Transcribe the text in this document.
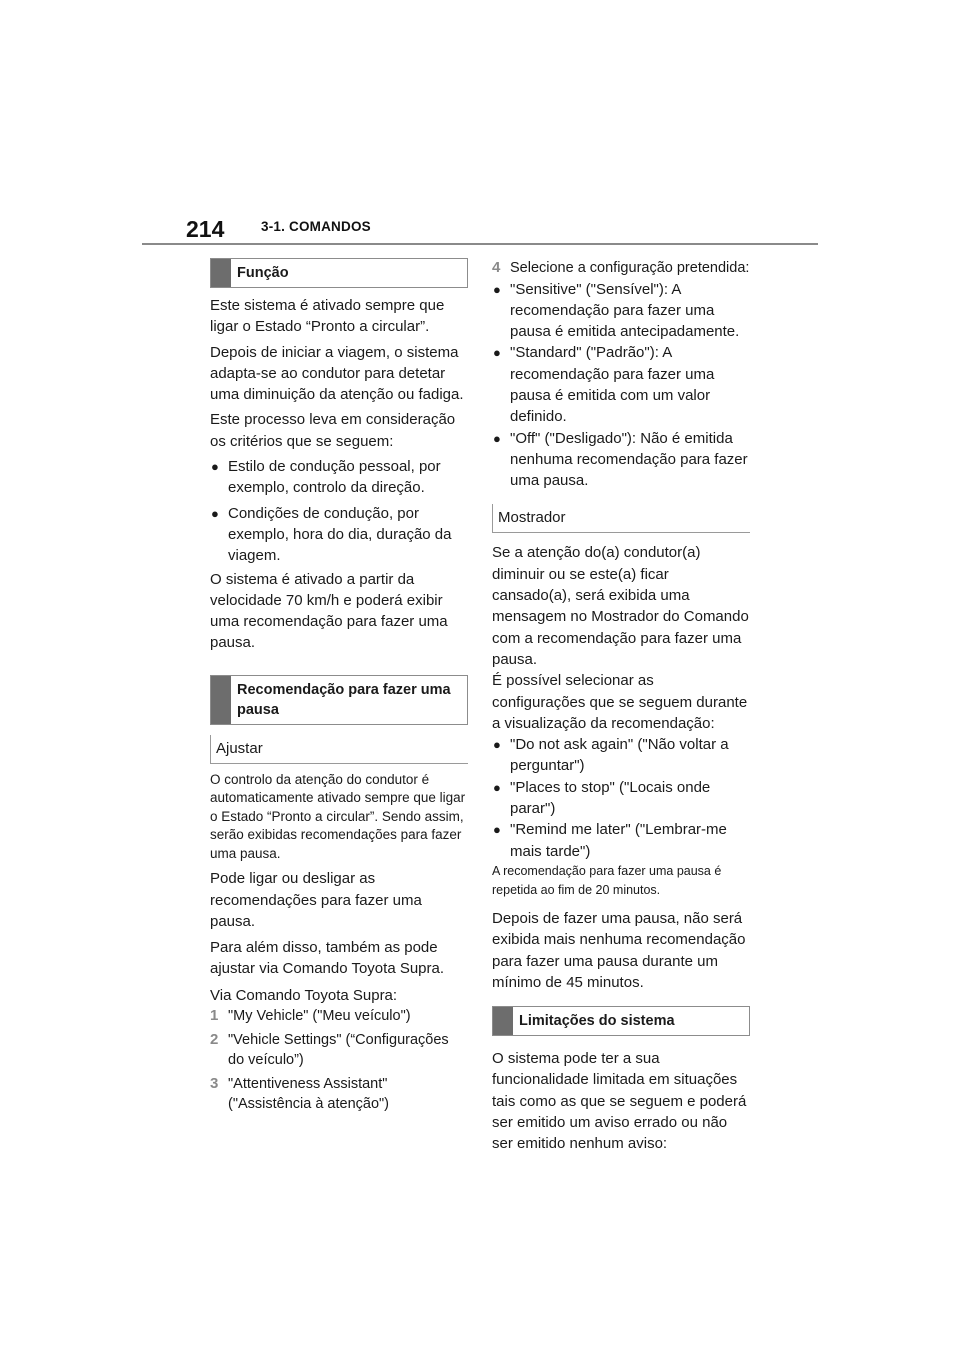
214	3-1. COMANDOS
Função

Este sistema é ativado sempre que ligar o Estado “Pronto a circular”.

Depois de iniciar a viagem, o sistema adapta-se ao condutor para detetar uma diminuição da atenção ou fadiga.

Este processo leva em consideração os critérios que se seguem:

● Estilo de condução pessoal, por exemplo, controlo da direção.
● Condições de condução, por exemplo, hora do dia, duração da viagem.

O sistema é ativado a partir da velocidade 70 km/h e poderá exibir uma recomendação para fazer uma pausa.

Recomendação para fazer uma pausa
Ajustar

O controlo da atenção do condutor é automaticamente ativado sempre que ligar o Estado “Pronto a circular”. Sendo assim, serão exibidas recomendações para fazer uma pausa.

Pode ligar ou desligar as recomendações para fazer uma pausa.

Para além disso, também as pode ajustar via Comando Toyota Supra.

Via Comando Toyota Supra:

1 "My Vehicle" ("Meu veículo")
2 "Vehicle Settings" (“Configurações do veículo”)
3 "Attentiveness Assistant" ("Assistência à atenção")
4 Selecione a configuração pretendida:
● "Sensitive" ("Sensível"): A recomendação para fazer uma pausa é emitida antecipadamente.
● "Standard" ("Padrão"): A recomendação para fazer uma pausa é emitida com um valor definido.
● "Off" ("Desligado"): Não é emitida nenhuma recomendação para fazer uma pausa.
Mostrador

Se a atenção do(a) condutor(a) diminuir ou se este(a) ficar cansado(a), será exibida uma mensagem no Mostrador do Comando com a recomendação para fazer uma pausa.

É possível selecionar as configurações que se seguem durante a visualização da recomendação:

● "Do not ask again" ("Não voltar a perguntar")
● "Places to stop" ("Locais onde parar")
● "Remind me later" ("Lembrar-me mais tarde")

A recomendação para fazer uma pausa é repetida ao fim de 20 minutos.

Depois de fazer uma pausa, não será exibida mais nenhuma recomendação para fazer uma pausa durante um mínimo de 45 minutos.

Limitações do sistema

O sistema pode ter a sua funcionalidade limitada em situações tais como as que se seguem e poderá ser emitido um aviso errado ou não ser emitido nenhum aviso:
